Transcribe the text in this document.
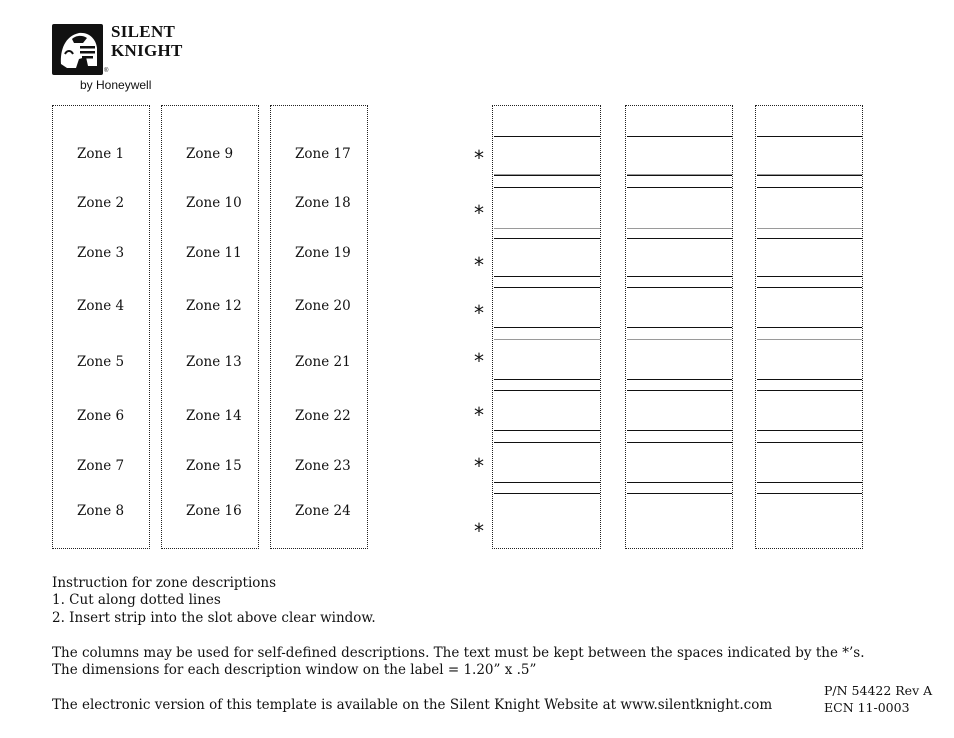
SILENT
KNIGHT
®
by Honeywell
Zone 1
Zone 2
Zone 3
Zone 4
Zone 5
Zone 6
Zone 7
Zone 8
Zone 9
Zone 10
Zone 11
Zone 12
Zone 13
Zone 14
Zone 15
Zone 16
Zone 17
Zone 18
Zone 19
Zone 20
Zone 21
Zone 22
Zone 23
Zone 24
*
*
*
*
*
*
*
*
Instruction for zone descriptions
1. Cut along dotted lines
2. Insert strip into the slot above clear window.
The columns may be used for self-defined descriptions. The text must be kept between the spaces indicated by the *’s.
The dimensions for each description window on the label = 1.20” x .5”
The electronic version of this template is available on the Silent Knight Website at www.silentknight.com
P/N 54422 Rev A
ECN 11-0003
